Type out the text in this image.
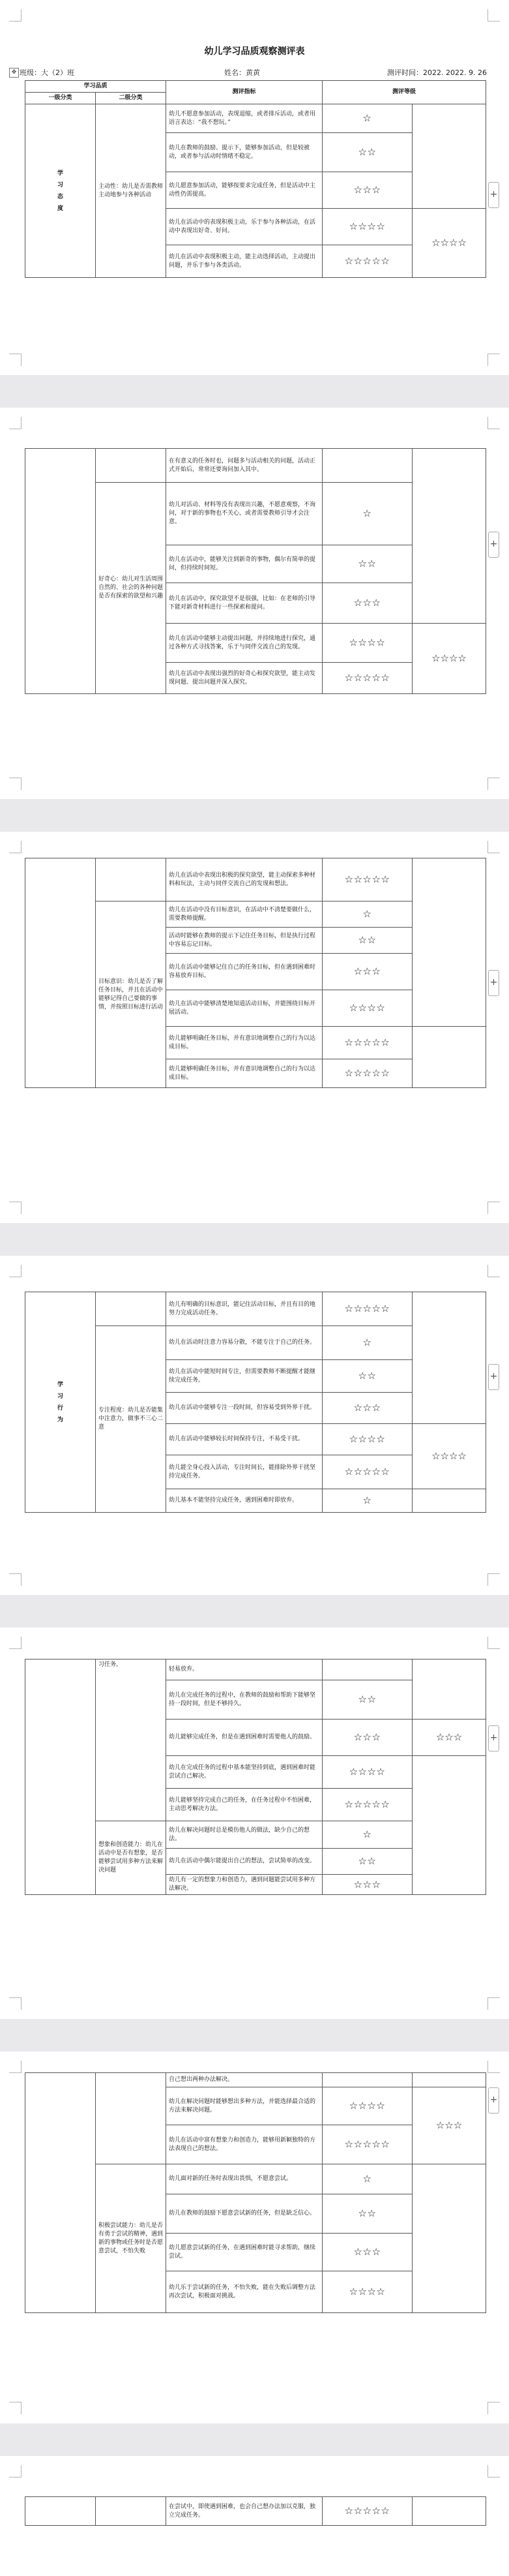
幼儿学习品质观察测评表
✥ 班级：大（2）班	姓名：黄黄	测评时间：2022. 2022. 9. 26
学习品质		测评指标	测评等级	
一级分类	二级分类			
学习态度	主动性：幼儿是否需教师主动地参与各种活动	幼儿不愿意参加活动，表现退缩，或者排斥活动，或者用语言表达：“我不想玩。”	☆	
		幼儿在教师的鼓励、提示下，能够参加活动，但是较被动，或者参与活动时情绪不稳定。	☆☆	
		幼儿愿意参加活动，能够按要求完成任务，但是活动中主动性仍需提高。	☆☆☆	
		幼儿在活动中的表现积极主动，乐于参与各种活动，在活动中表现出好奇、好问。	☆☆☆☆	☆☆☆☆
		幼儿在活动中表现积极主动，能主动选择活动，主动提出问题，并乐于参与各类活动。	☆☆☆☆☆	
+
		在有意义的任务时也，问题多与活动相关的问题，活动正式开始后，常常还要询问加入其中。		
	好奇心：幼儿对生活周围自然的、社会的各种问题是否有探索的欲望和兴趣	幼儿对活动、材料等没有表现出兴趣，不愿意观察，不询问，对于新的事物也不关心，或者需要教师引导才会注意。	☆	
		幼儿在活动中，能够关注到新奇的事物，偶尔有简单的提问，但持续时间短。	☆☆	
		幼儿在活动中，探究欲望不是很强，比如：在老师的引导下能对新奇材料进行一些探索和提问。	☆☆☆	
		幼儿在活动中能够主动提出问题，并持续地进行探究，通过各种方式寻找答案，乐于与同伴交流自己的发现。	☆☆☆☆	☆☆☆☆
		幼儿在活动中表现出强烈的好奇心和探究欲望，能主动发现问题、提出问题并深入探究。	☆☆☆☆☆	
+
		幼儿在活动中表现出积极的探究欲望，能主动探索多种材料和玩法，主动与同伴交流自己的发现和想法。	☆☆☆☆☆	
	目标意识：幼儿是否了解任务目标，并且在活动中能够记得自己要做的事情，并按照目标进行活动	幼儿在活动中没有目标意识，在活动中不清楚要做什么，需要教师提醒。	☆	
		活动时能够在教师的提示下记住任务目标，但是执行过程中容易忘记目标。	☆☆	
		幼儿在活动中能够记住自己的任务目标，但在遇到困难时容易放弃目标。	☆☆☆	
		幼儿在活动中能够清楚地知道活动目标，并能围绕目标开展活动。	☆☆☆☆	
		幼儿能够明确任务目标，并有意识地调整自己的行为以达成目标。	☆☆☆☆☆	
		幼儿能够明确任务目标，并有意识地调整自己的行为以达成目标。	☆☆☆☆☆	
+
学习行为		幼儿有明确的目标意识，能记住活动目标，并且有目的地努力完成活动任务。	☆☆☆☆☆	
	专注程度：幼儿是否能集中注意力，做事不三心二意	幼儿在活动时注意力容易分散，不能专注于自己的任务。	☆	
		幼儿在活动中能短时间专注，但需要教师不断提醒才能继续完成任务。	☆☆	
		幼儿在活动中能够专注一段时间，但容易受到外界干扰。	☆☆☆	
		幼儿在活动中能够较长时间保持专注，不易受干扰。	☆☆☆☆	☆☆☆☆
		幼儿能全身心投入活动，专注时间长，能排除外界干扰坚持完成任务。	☆☆☆☆☆	
		幼儿基本不能坚持完成任务，遇到困难时即放弃。	☆	
+
	习任务。	轻易放弃。		
		幼儿在完成任务的过程中，在教师的鼓励和帮助下能够坚持一段时间，但是不够持久。	☆☆	
		幼儿能够完成任务，但是在遇到困难时需要他人的鼓励。	☆☆☆	☆☆☆
		幼儿在完成任务的过程中基本能坚持到底，遇到困难时能尝试自己解决。	☆☆☆☆	
		幼儿能够坚持完成自己的任务，在任务过程中不怕困难，主动思考解决方法。	☆☆☆☆☆	
	想象和创造能力：幼儿在活动中是否有想象，是否能够尝试用多种方法来解决问题	幼儿在解决问题时总是模仿他人的做法，缺少自己的想法。	☆	
		幼儿在活动中偶尔能提出自己的想法，尝试简单的改变。	☆☆	
		幼儿有一定的想象力和创造力，遇到问题能尝试用多种方法解决。	☆☆☆	
+
		自己想出两种办法解决。		
		幼儿在解决问题时能够想出多种方法，并能选择最合适的方法来解决问题。	☆☆☆☆	☆☆☆
		幼儿在活动中富有想象力和创造力，能够用新颖独特的方法表现自己的想法。	☆☆☆☆☆	
	积极尝试能力：幼儿是否有勇于尝试的精神，遇到新的事物或任务时是否愿意尝试，不怕失败	幼儿面对新的任务时表现出畏惧，不愿意尝试。	☆	
		幼儿在教师的鼓励下愿意尝试新的任务，但是缺乏信心。	☆☆	
		幼儿愿意尝试新的任务，在遇到困难时能寻求帮助，继续尝试。	☆☆☆	
		幼儿乐于尝试新的任务，不怕失败，能在失败后调整方法再次尝试，积极面对挑战。	☆☆☆☆	
+
		在尝试中，即使遇到困难，也会自己想办法加以克服，独立完成任务。	☆☆☆☆☆	
